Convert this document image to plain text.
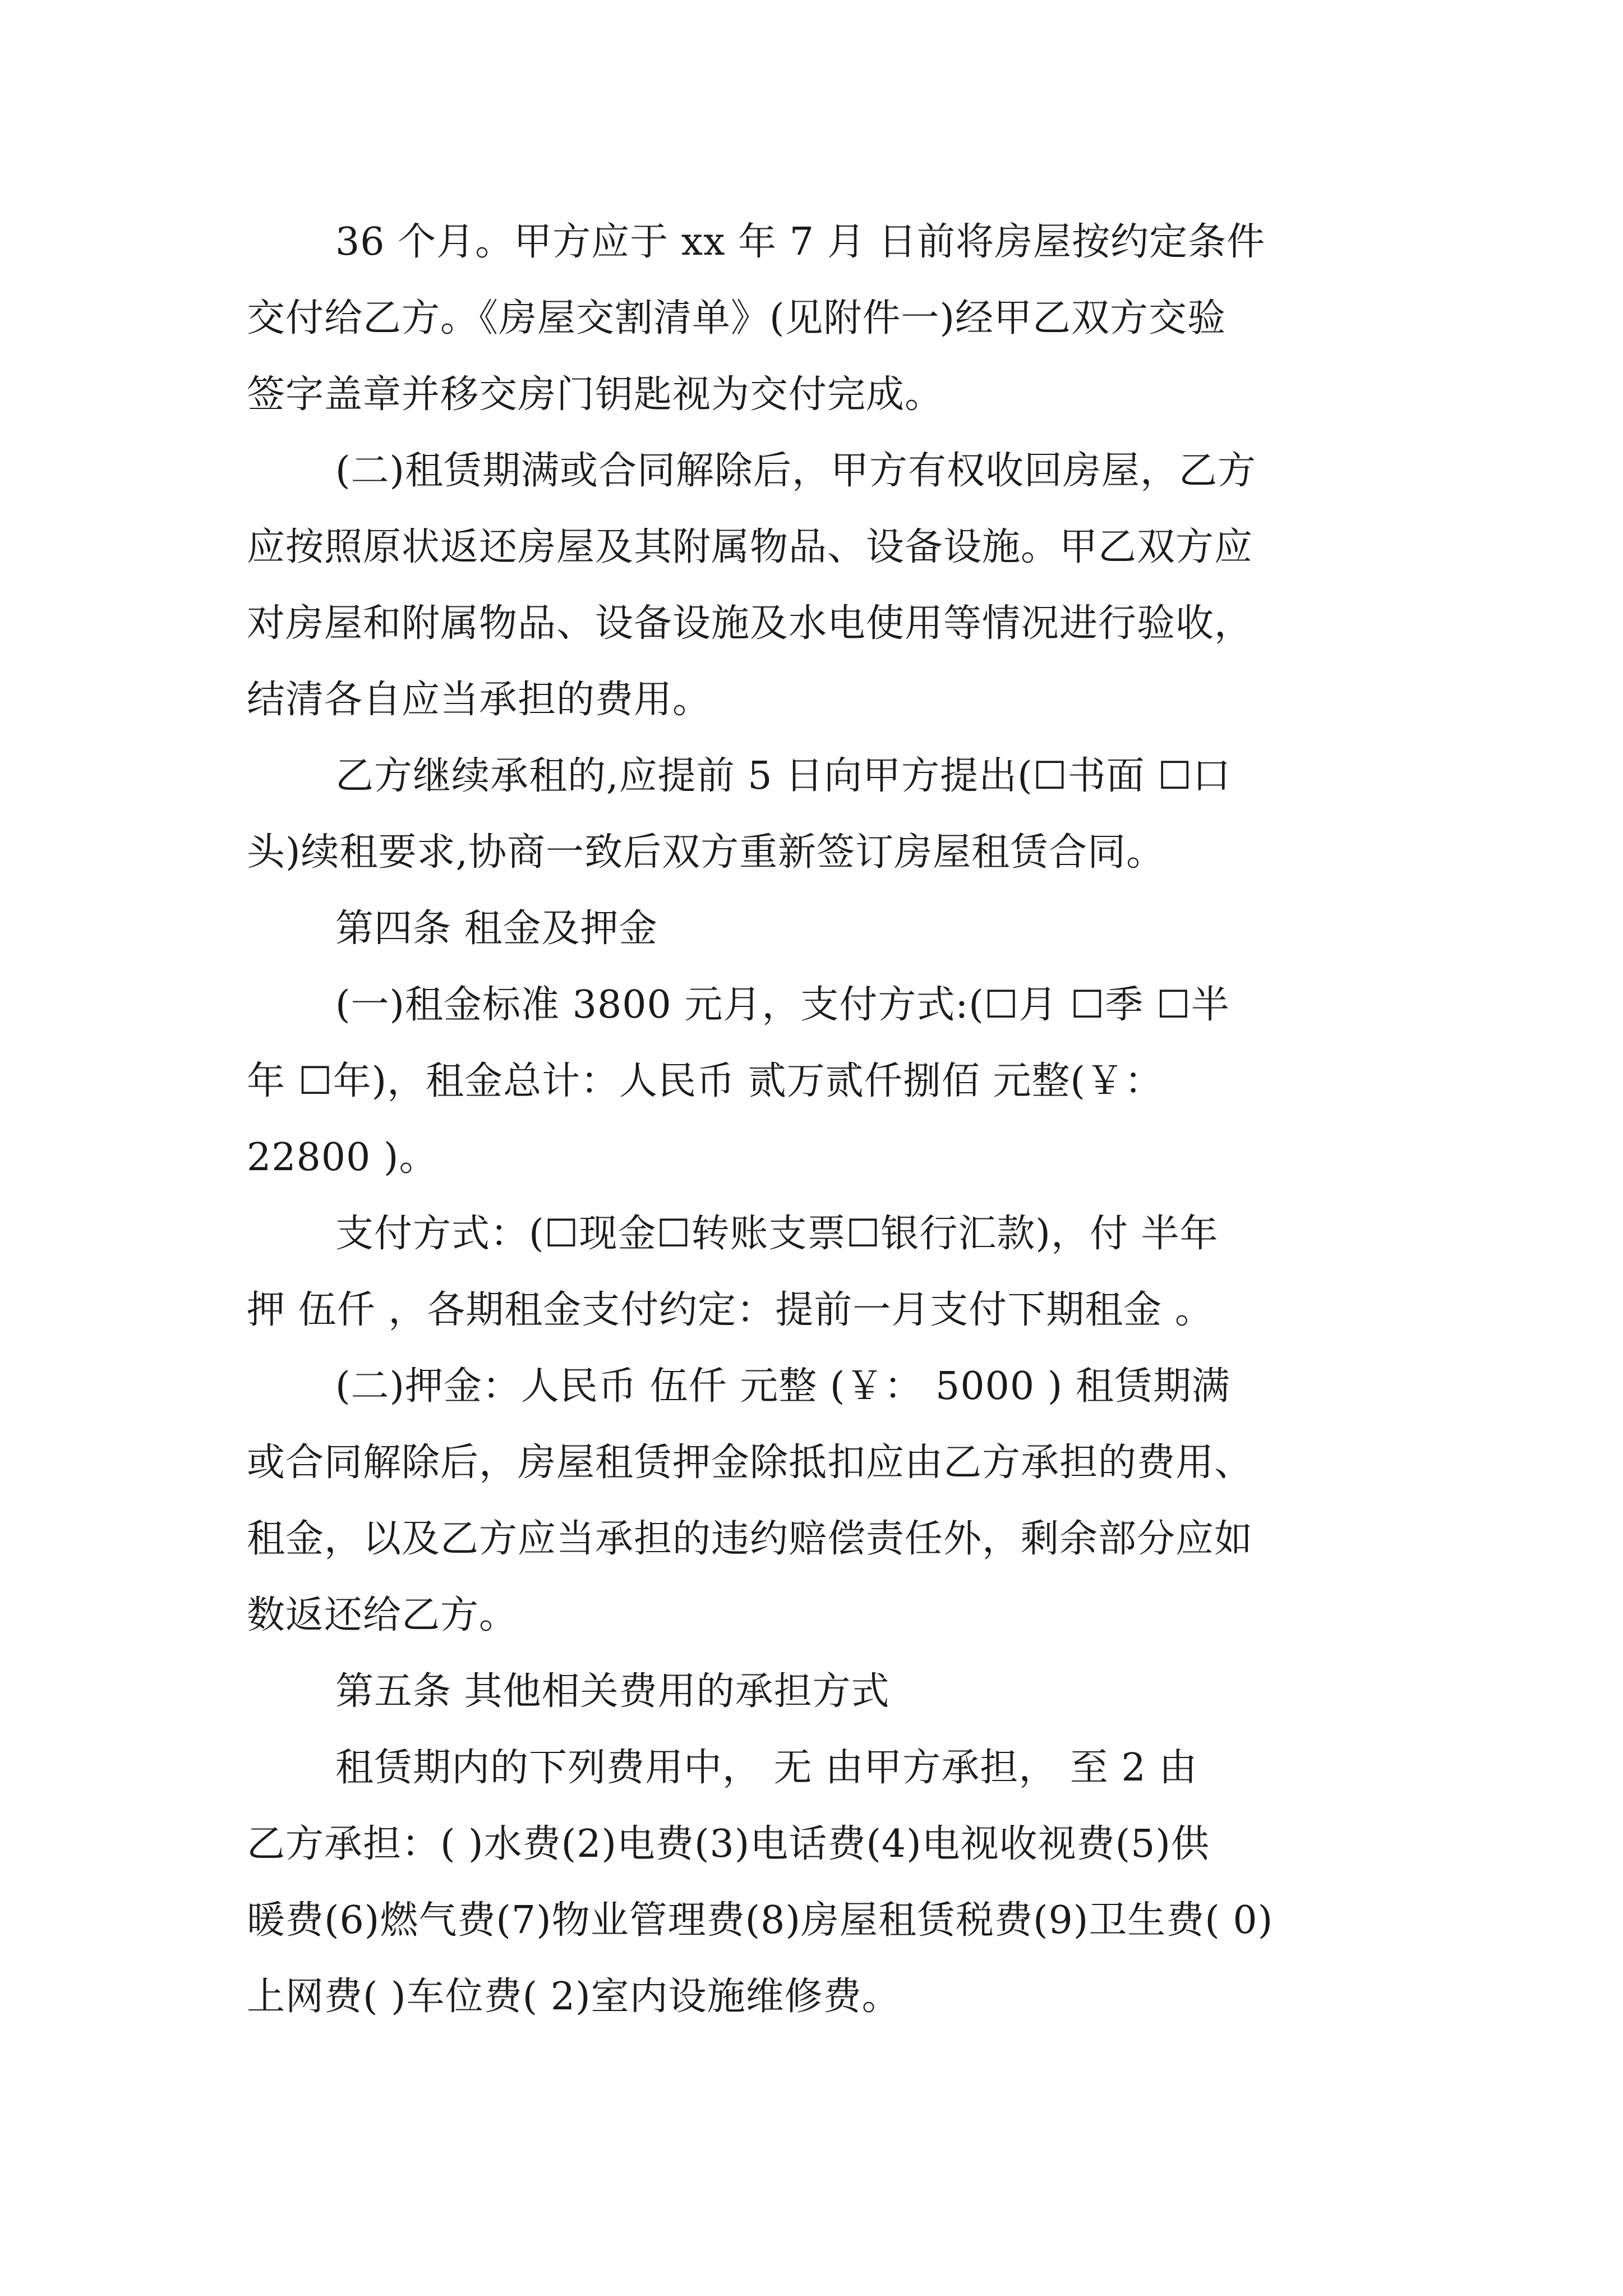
36 个月。甲方应于 xx 年 7 月 日前将房屋按约定条件
交付给乙方。《房屋交割清单》(见附件一)经甲乙双方交验
签字盖章并移交房门钥匙视为交付完成。
(二)租赁期满或合同解除后，甲方有权收回房屋，乙方
应按照原状返还房屋及其附属物品、设备设施。甲乙双方应
对房屋和附属物品、设备设施及水电使用等情况进行验收，
结清各自应当承担的费用。
乙方继续承租的,应提前 5 日向甲方提出(☐书面 ☐口
头)续租要求,协商一致后双方重新签订房屋租赁合同。
第四条 租金及押金
(一)租金标准 3800 元月，支付方式:(☐月 ☐季 ☐半
年 ☐年)，租金总计：人民币 贰万贰仟捌佰 元整(￥：
22800 )。
支付方式：(☐现金☐转账支票☐银行汇款)，付 半年
押 伍仟 ，各期租金支付约定：提前一月支付下期租金 。
(二)押金：人民币 伍仟 元整 (￥： 5000 ) 租赁期满
或合同解除后，房屋租赁押金除抵扣应由乙方承担的费用、
租金，以及乙方应当承担的违约赔偿责任外，剩余部分应如
数返还给乙方。
第五条 其他相关费用的承担方式
租赁期内的下列费用中， 无 由甲方承担， 至 2 由
乙方承担：( )水费(2)电费(3)电话费(4)电视收视费(5)供
暖费(6)燃气费(7)物业管理费(8)房屋租赁税费(9)卫生费( 0)
上网费( )车位费( 2)室内设施维修费。
